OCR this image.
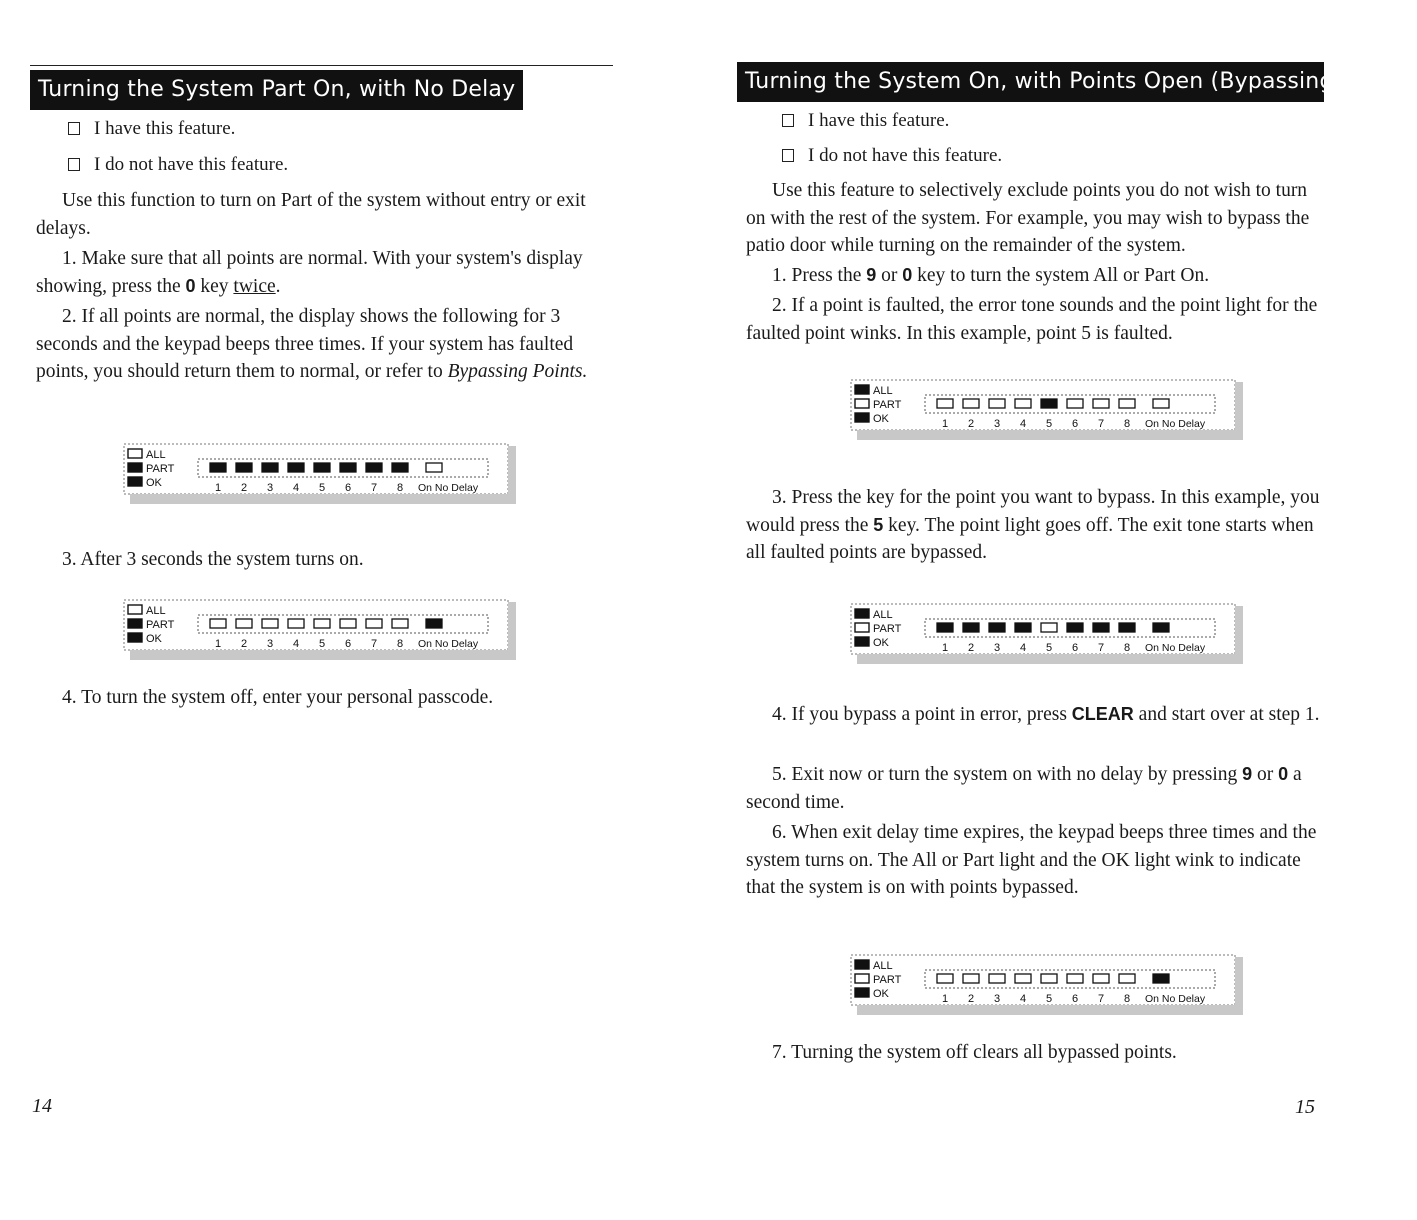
Turning the System Part On, with No Delay
I have this feature.
I do not have this feature.
Use this function to turn on Part of the system without entry or exit delays.
1. Make sure that all points are normal. With your system's display showing, press the 0 key twice.
2. If all points are normal, the display shows the following for 3 seconds and the keypad beeps three times. If your system has faulted points, you should return them to normal, or refer to Bypassing Points.
ALL
PART
OK	1 2 3 4 5 6 7 8 On No Delay
3. After 3 seconds the system turns on.
ALL
PART
OK	1 2 3 4 5 6 7 8 On No Delay
4. To turn the system off, enter your personal passcode.
14
Turning the System On, with Points Open (Bypassing Points)
I have this feature.
I do not have this feature.
Use this feature to selectively exclude points you do not wish to turn on with the rest of the system. For example, you may wish to bypass the patio door while turning on the remainder of the system.
1. Press the 9 or 0 key to turn the system All or Part On.
2. If a point is faulted, the error tone sounds and the point light for the faulted point winks. In this example, point 5 is faulted.
ALL
PART
OK	1 2 3 4 5 6 7 8 On No Delay
3. Press the key for the point you want to bypass. In this example, you would press the 5 key. The point light goes off. The exit tone starts when all faulted points are bypassed.
ALL
PART
OK	1 2 3 4 5 6 7 8 On No Delay
4. If you bypass a point in error, press CLEAR and start over at step 1.
5. Exit now or turn the system on with no delay by pressing 9 or 0 a second time.
6. When exit delay time expires, the keypad beeps three times and the system turns on. The All or Part light and the OK light wink to indicate that the system is on with points bypassed.
ALL
PART
OK	1 2 3 4 5 6 7 8 On No Delay
7. Turning the system off clears all bypassed points.
15
